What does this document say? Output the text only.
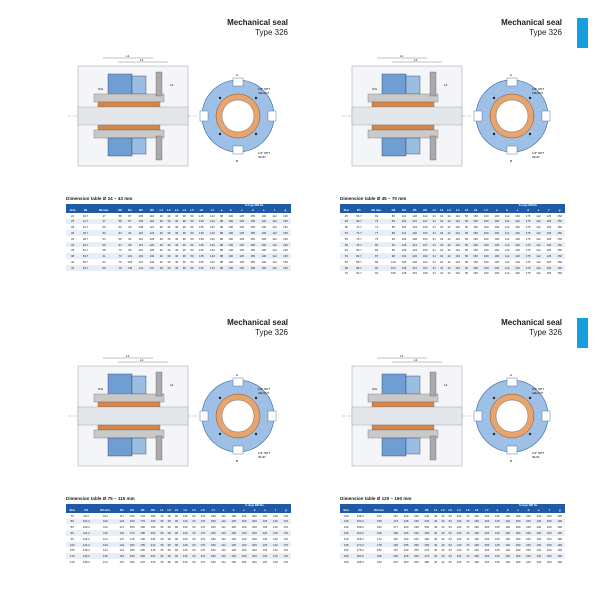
Mechanical seal
Type 326
L1
L2
L3
S/G	1/4" NPT
ADL/OUT
1/4" NPT
IDL/IN
A
B
Dimension table Ø 24 – 43 mm
														S-rings DIN No.						
Size	D1	D2 min.	D3	D4	D5	D6	L1	L2	L3	L4	L5	L6	L7	a	b	c	d	e	f	g
24	40.7	47	58	87	105	118	26	30	36	96	50	135	143	88	100	125	155	100	112	135
25	41.7	47	58	87	105	118	26	30	36	96	50	135	143	88	100	125	155	100	112	135
28	44.7	50	62	90	108	121	26	30	36	96	50	135	143	88	100	125	155	100	112	135
30	46.7	52	64	92	110	123	26	30	36	96	50	135	143	88	100	125	155	100	112	135
32	48.7	54	66	94	112	125	26	30	36	96	50	135	143	88	100	125	155	100	112	135
33	49.7	55	67	95	113	126	26	30	36	96	50	135	143	88	100	125	155	100	112	135
35	51.7	58	70	98	116	129	26	30	36	96	50	135	143	88	100	125	155	100	112	135
38	54.7	61	73	101	119	132	26	30	36	96	50	135	143	88	100	125	155	100	112	135
40	56.7	63	75	103	121	134	26	30	36	96	50	135	143	88	100	125	155	100	112	135
43	59.7	66	78	106	124	137	26	30	36	96	50	135	143	88	100	125	155	100	112	135
Mechanical seal
Type 326
L1
L2
L3
S/G	1/4" NPT
ADL/OUT
1/4" NPT
IDL/IN
A
B
Dimension table Ø 45 – 70 mm
														S-rings DIN No.						
Size	D1	D2 min.	D3	D4	D5	D6	L1	L2	L3	L4	L5	L6	L7	a	b	c	d	e	f	g
45	65.7	69	80	113	128	144	31	34	42	110	56	150	160	100	112	140	175	112	125	150
48	68.7	72	83	116	131	147	31	34	42	110	56	150	160	100	112	140	175	112	125	150
50	70.7	74	85	118	133	149	31	34	42	110	56	150	160	100	112	140	175	112	125	150
53	73.7	77	88	121	136	152	31	34	42	110	56	150	160	100	112	140	175	112	125	150
55	75.7	79	90	123	138	154	31	34	42	110	56	150	160	100	112	140	175	112	125	150
58	78.7	82	93	126	141	157	31	34	42	110	56	150	160	100	112	140	175	112	125	150
60	80.7	84	95	128	143	159	31	34	42	110	56	150	160	100	112	140	175	112	125	150
63	83.7	87	98	131	146	162	31	34	42	110	56	150	160	100	112	140	175	112	125	150
65	85.7	89	100	133	148	164	31	34	42	110	56	150	160	100	112	140	175	112	125	150
68	88.7	92	103	136	151	167	31	34	42	110	56	150	160	100	112	140	175	112	125	150
70	90.7	94	105	138	153	169	31	34	42	110	56	150	160	100	112	140	175	112	125	150
Mechanical seal
Type 326
L1
L2
L3
S/G	1/4" NPT
ADL/OUT
1/4" NPT
IDL/IN
A
B
Dimension table Ø 75 – 115 mm
														S-rings DIN No.						
Size	D1	D2 min.	D3	D4	D5	D6	L1	L2	L3	L4	L5	L6	L7	a	b	c	d	e	f	g
75	99.2	104	117	155	170	185	35	38	48	126	63	170	180	112	125	160	200	125	140	170
80	104.2	109	122	160	175	190	35	38	48	126	63	170	180	112	125	160	200	125	140	170
85	109.2	114	127	165	180	195	35	38	48	126	63	170	180	112	125	160	200	125	140	170
90	114.2	119	132	170	185	200	35	38	48	126	63	170	180	112	125	160	200	125	140	170
95	119.2	124	137	175	190	205	35	38	48	126	63	170	180	112	125	160	200	125	140	170
100	124.2	129	142	180	195	210	35	38	48	126	63	170	180	112	125	160	200	125	140	170
105	129.2	134	147	185	200	215	35	38	48	126	63	170	180	112	125	160	200	125	140	170
110	134.2	139	152	190	205	220	35	38	48	126	63	170	180	112	125	160	200	125	140	170
115	139.2	144	157	195	210	225	35	38	48	126	63	170	180	112	125	160	200	125	140	170
Mechanical seal
Type 326
L1
L2
L3
S/G	1/4" NPT
ADL/OUT
1/4" NPT
IDL/IN
A
B
Dimension table Ø 120 – 160 mm
														S-rings DIN No.						
Size	D1	D2 min.	D3	D4	D5	D6	L1	L2	L3	L4	L5	L6	L7	a	b	c	d	e	f	g
120	148.2	153	167	210	225	240	40	43	54	140	70	190	200	125	140	180	225	140	160	190
125	153.2	158	172	215	230	245	40	43	54	140	70	190	200	125	140	180	225	140	160	190
130	158.2	163	177	220	235	250	40	43	54	140	70	190	200	125	140	180	225	140	160	190
135	163.2	168	182	225	240	255	40	43	54	140	70	190	200	125	140	180	225	140	160	190
140	168.2	173	187	230	245	260	40	43	54	140	70	190	200	125	140	180	225	140	160	190
145	173.2	178	192	235	250	265	40	43	54	140	70	190	200	125	140	180	225	140	160	190
150	178.2	183	197	240	255	270	40	43	54	140	70	190	200	125	140	180	225	140	160	190
155	183.2	188	202	245	260	275	40	43	54	140	70	190	200	125	140	180	225	140	160	190
160	188.2	193	207	250	265	280	40	43	54	140	70	190	200	125	140	180	225	140	160	190
